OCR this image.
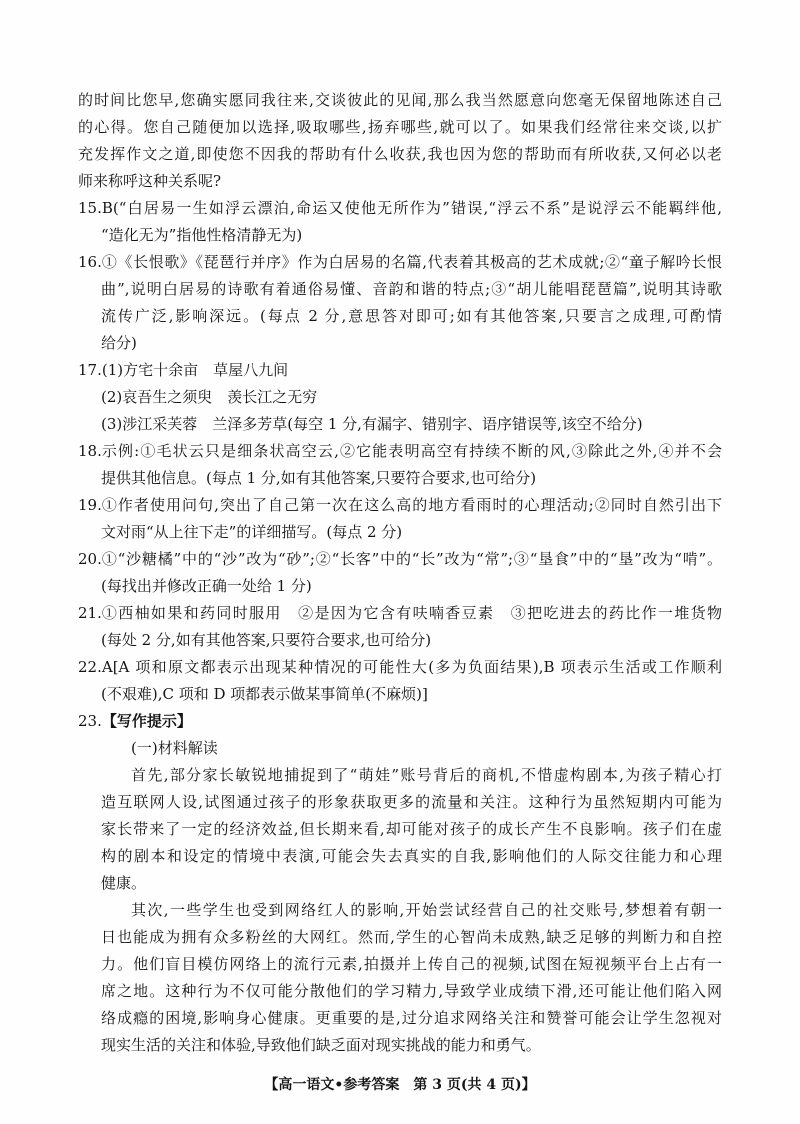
的时间比您早,您确实愿同我往来,交谈彼此的见闻,那么我当然愿意向您毫无保留地陈述自己
的心得。您自己随便加以选择,吸取哪些,扬弃哪些,就可以了。如果我们经常往来交谈,以扩
充发挥作文之道,即使您不因我的帮助有什么收获,我也因为您的帮助而有所收获,又何必以老
师来称呼这种关系呢?
15. B(“白居易一生如浮云漂泊,命运又使他无所作为”错误,“浮云不系”是说浮云不能羁绊他,
“造化无为”指他性格清静无为)
16. ①《长恨歌》《琵琶行并序》作为白居易的名篇,代表着其极高的艺术成就;②“童子解吟长恨
曲”,说明白居易的诗歌有着通俗易懂、音韵和谐的特点;③“胡儿能唱琵琶篇”,说明其诗歌
流传广泛,影响深远。(每点 2 分,意思答对即可;如有其他答案,只要言之成理,可酌情
给分)
17. (1)方宅十余亩　草屋八九间
(2)哀吾生之须臾　羡长江之无穷
(3)涉江采芙蓉　兰泽多芳草(每空 1 分,有漏字、错别字、语序错误等,该空不给分)
18. 示例:①毛状云只是细条状高空云,②它能表明高空有持续不断的风,③除此之外,④并不会
提供其他信息。(每点 1 分,如有其他答案,只要符合要求,也可给分)
19. ①作者使用问句,突出了自己第一次在这么高的地方看雨时的心理活动;②同时自然引出下
文对雨“从上往下走”的详细描写。(每点 2 分)
20. ①“沙糖橘”中的“沙”改为“砂”;②“长客”中的“长”改为“常”;③“垦食”中的“垦”改为“啃”。
(每找出并修改正确一处给 1 分)
21. ①西柚如果和药同时服用　②是因为它含有呋喃香豆素　③把吃进去的药比作一堆货物
(每处 2 分,如有其他答案,只要符合要求,也可给分)
22. A[A 项和原文都表示出现某种情况的可能性大(多为负面结果),B 项表示生活或工作顺利
(不艰难),C 项和 D 项都表示做某事简单(不麻烦)]
23. 【写作提示】
(一)材料解读
首先,部分家长敏锐地捕捉到了“萌娃”账号背后的商机,不惜虚构剧本,为孩子精心打
造互联网人设,试图通过孩子的形象获取更多的流量和关注。这种行为虽然短期内可能为
家长带来了一定的经济效益,但长期来看,却可能对孩子的成长产生不良影响。孩子们在虚
构的剧本和设定的情境中表演,可能会失去真实的自我,影响他们的人际交往能力和心理
健康。
其次,一些学生也受到网络红人的影响,开始尝试经营自己的社交账号,梦想着有朝一
日也能成为拥有众多粉丝的大网红。然而,学生的心智尚未成熟,缺乏足够的判断力和自控
力。他们盲目模仿网络上的流行元素,拍摄并上传自己的视频,试图在短视频平台上占有一
席之地。这种行为不仅可能分散他们的学习精力,导致学业成绩下滑,还可能让他们陷入网
络成瘾的困境,影响身心健康。更重要的是,过分追求网络关注和赞誉可能会让学生忽视对
现实生活的关注和体验,导致他们缺乏面对现实挑战的能力和勇气。
【高一语文•参考答案　第 3 页(共 4 页)】
